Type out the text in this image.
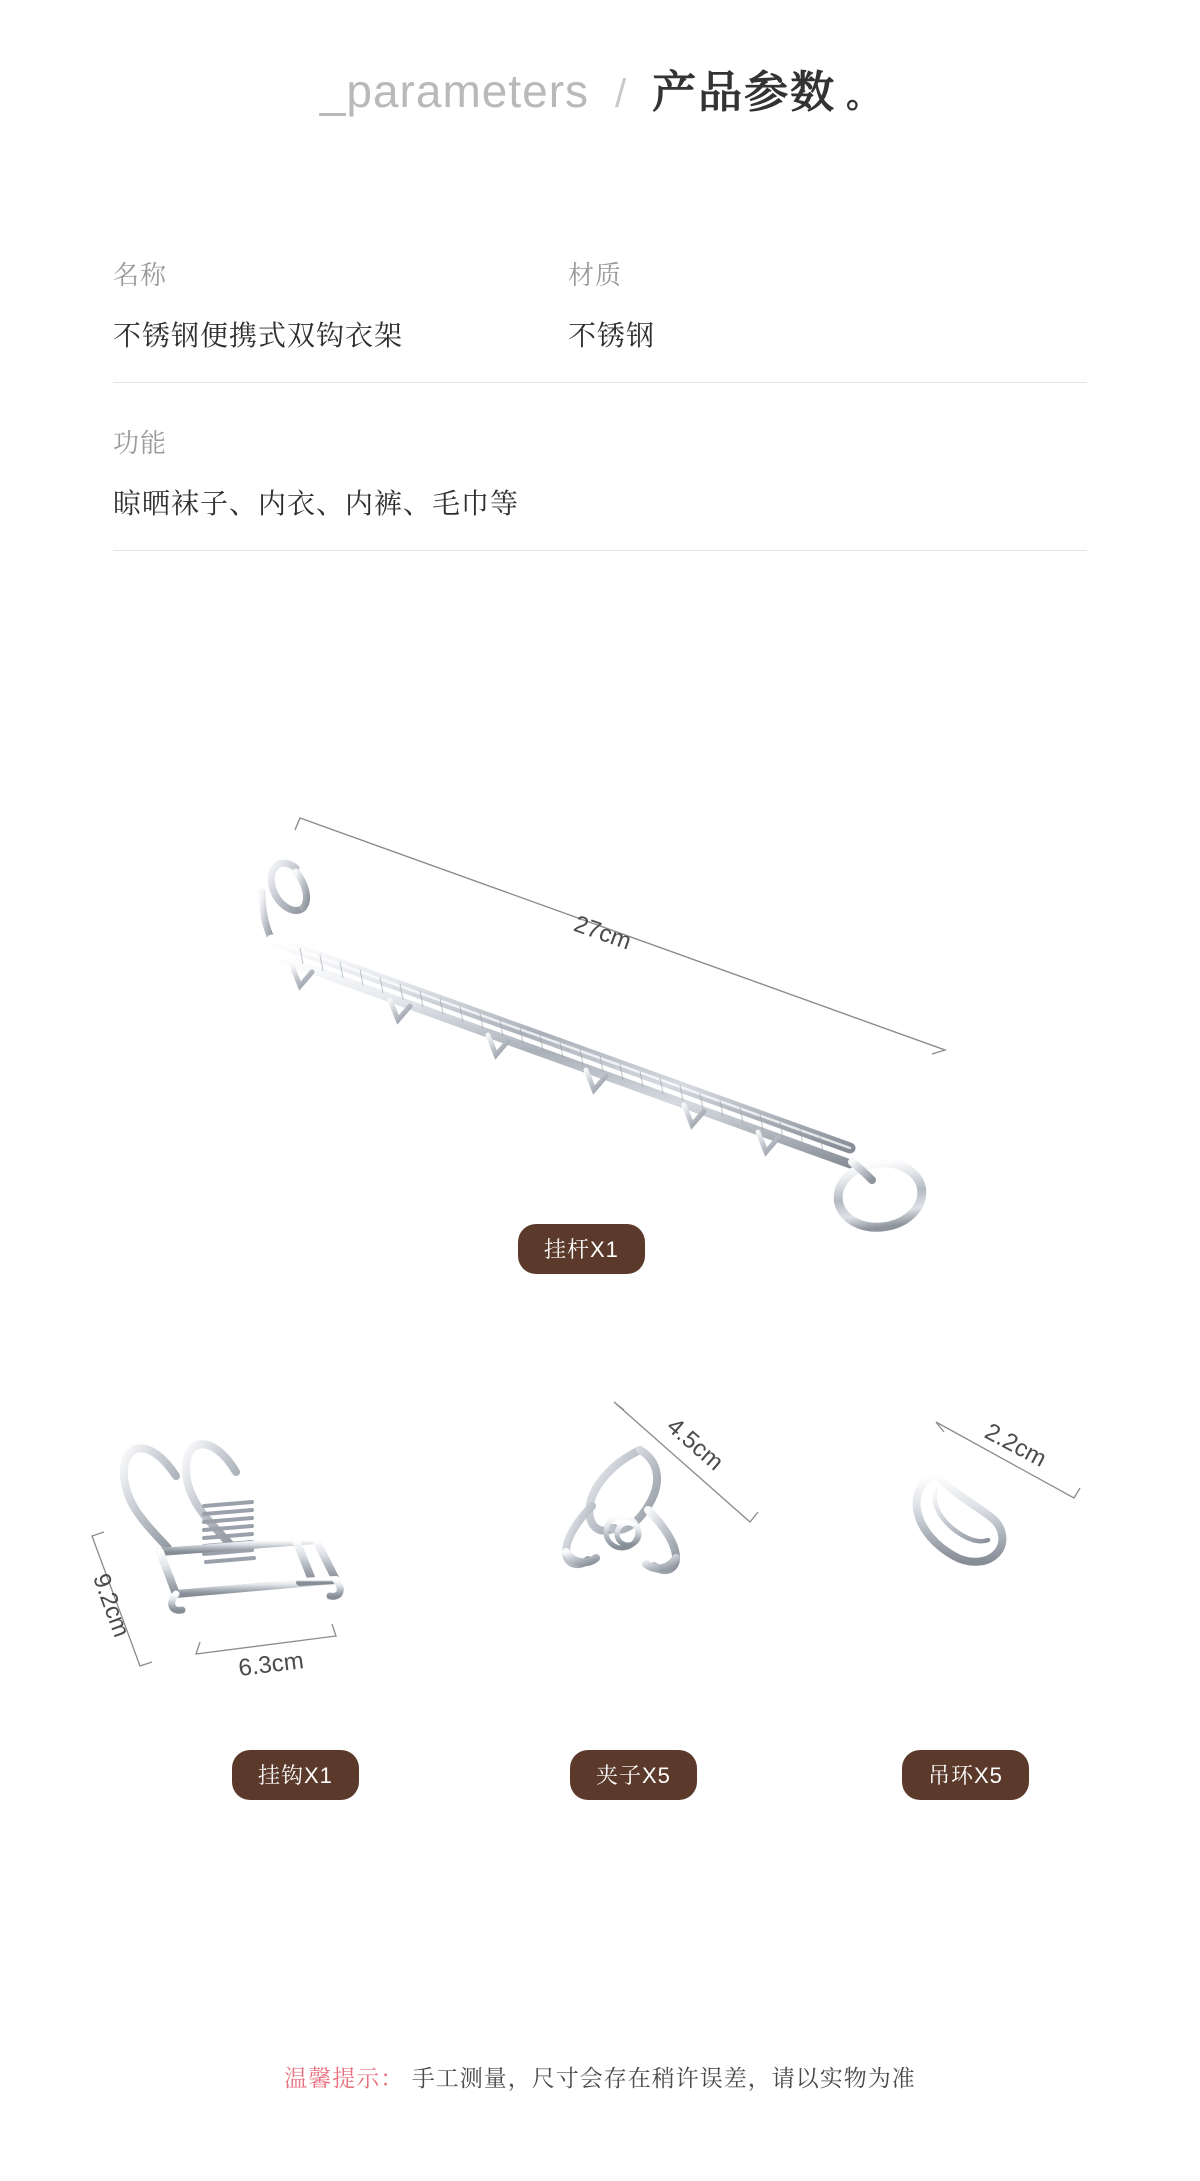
_parameters / 产品参数 。
名称
不锈钢便携式双钩衣架
材质
不锈钢
功能
晾晒袜子、内衣、内裤、毛巾等
27cm
挂杆X1
9.2cm
6.3cm
4.5cm	2.2cm
挂钩X1	夹子X5	吊环X5
温馨提示： 手工测量，尺寸会存在稍许误差，请以实物为准
